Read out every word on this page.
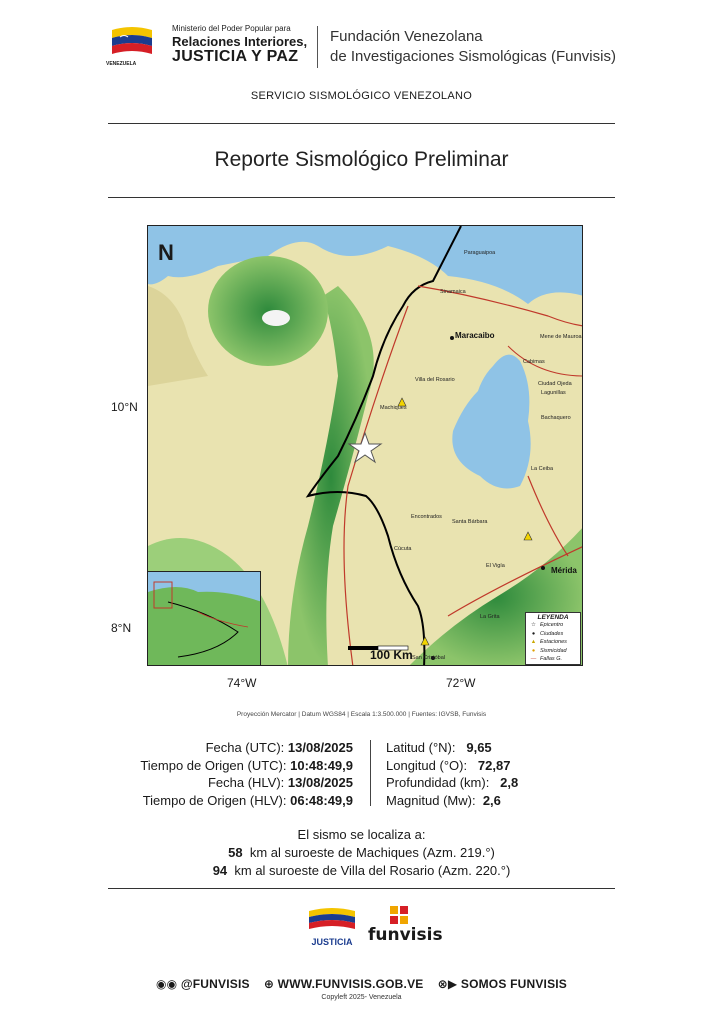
VENEZUELA
Ministerio del Poder Popular para
Relaciones Interiores,
JUSTICIA Y PAZ
Fundación Venezolana
de Investigaciones Sismológicas (Funvisis)
SERVICIO SISMOLÓGICO VENEZOLANO
Reporte Sismológico Preliminar
N
10°N
8°N
74°W	72°W
100 Km
Paraguaipoa
Sinamaica
Maracaibo	Mene de Mauroa
Cabimas
Ciudad Ojeda
Lagunillas
Villa del Rosario
Machiques
Bachaquero
La Ceiba
Encontrados
Santa Bárbara
Cúcuta
El Vigía	Mérida
La Grita
San Cristóbal
LEYENDA
☆ Epicentro
● Ciudades
▲ Estaciones
● Sismicidad
— Fallas G.
Proyección Mercator | Datum WGS84 | Escala 1:3.500.000 | Fuentes: IGVSB, Funvisis
Fecha (UTC): 13/08/2025
Tiempo de Origen (UTC): 10:48:49,9
Fecha (HLV): 13/08/2025
Tiempo de Origen (HLV): 06:48:49,9
Latitud (°N): 9,65
Longitud (°O): 72,87
Profundidad (km): 2,8
Magnitud (Mw): 2,6
El sismo se localiza a:
58 km al suroeste de Machiques (Azm. 219.°)
94 km al suroeste de Villa del Rosario (Azm. 220.°)
JUSTICIA funvisis
◉◉ @FUNVISIS ⊕ WWW.FUNVISIS.GOB.VE ⊗▶ SOMOS FUNVISIS
Copyleft 2025- Venezuela
